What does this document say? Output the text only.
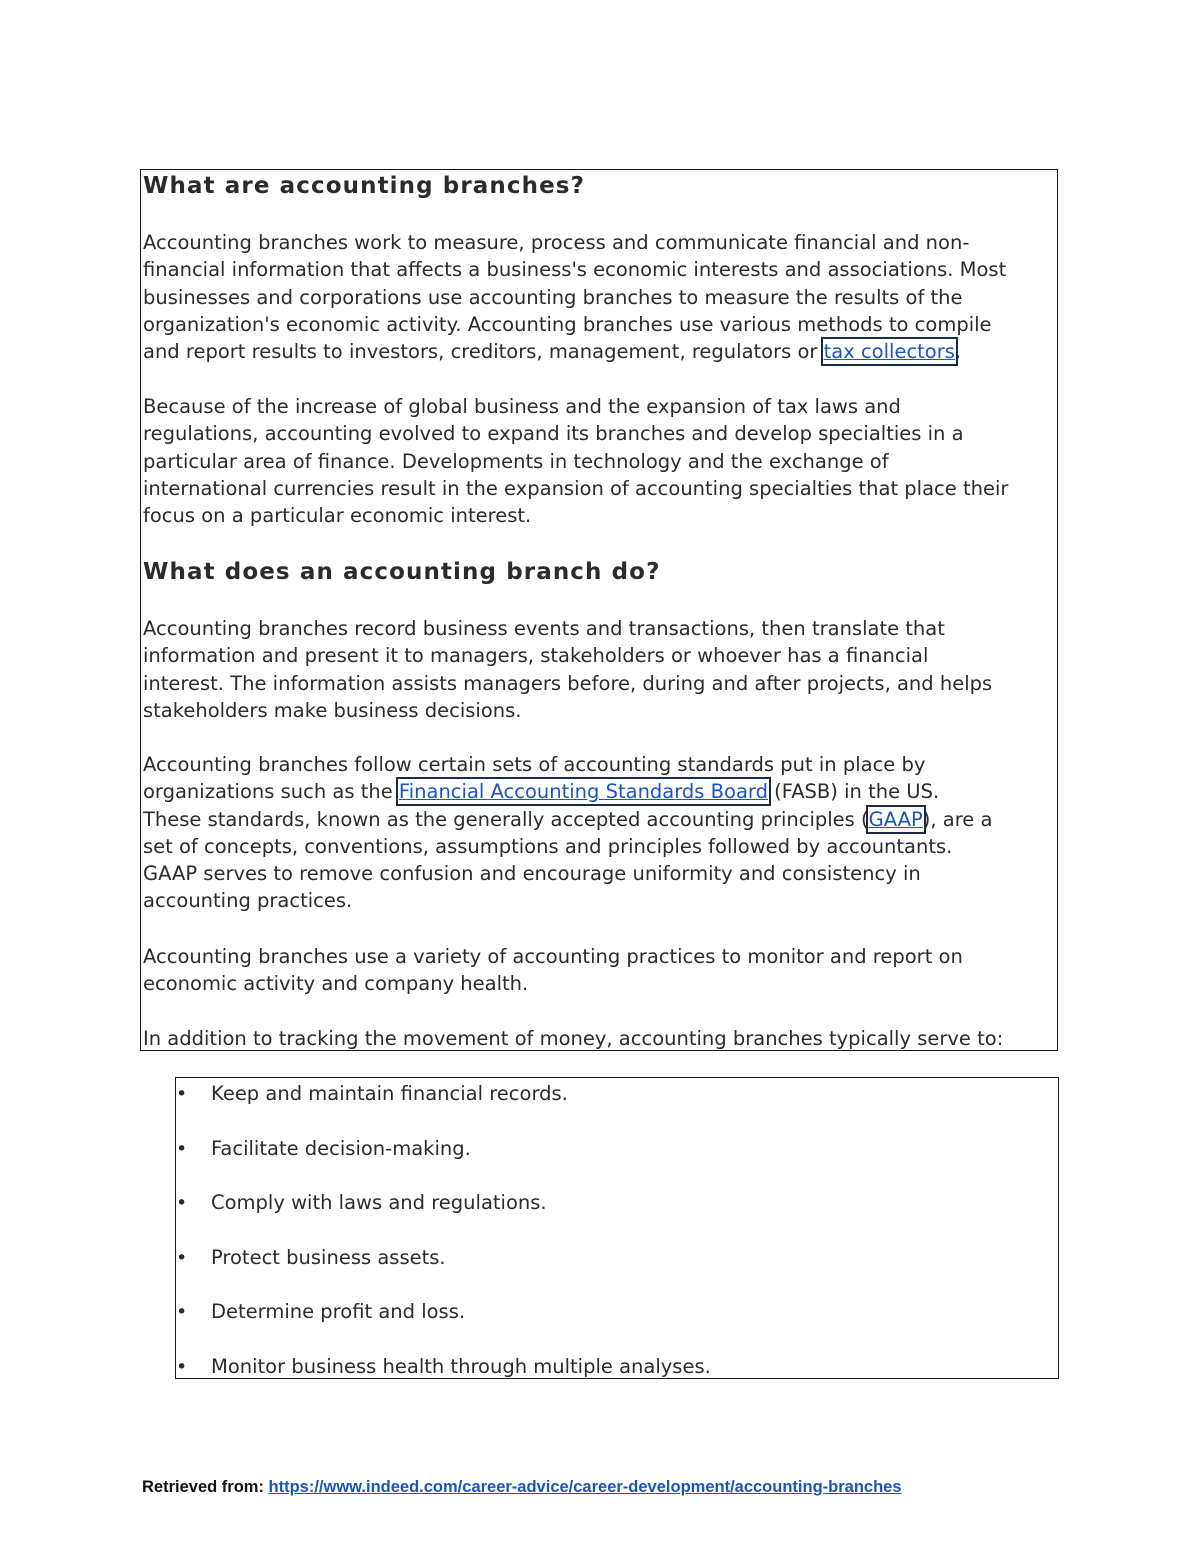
What are accounting branches?

Accounting branches work to measure, process and communicate financial and non-

financial information that affects a business's economic interests and associations. Most

businesses and corporations use accounting branches to measure the results of the

organization's economic activity. Accounting branches use various methods to compile

and report results to investors, creditors, management, regulators or tax collectors.

Because of the increase of global business and the expansion of tax laws and

regulations, accounting evolved to expand its branches and develop specialties in a

particular area of finance. Developments in technology and the exchange of

international currencies result in the expansion of accounting specialties that place their

focus on a particular economic interest.

What does an accounting branch do?

Accounting branches record business events and transactions, then translate that

information and present it to managers, stakeholders or whoever has a financial

interest. The information assists managers before, during and after projects, and helps

stakeholders make business decisions.

Accounting branches follow certain sets of accounting standards put in place by

organizations such as the Financial Accounting Standards Board (FASB) in the US.

These standards, known as the generally accepted accounting principles (GAAP), are a

set of concepts, conventions, assumptions and principles followed by accountants.

GAAP serves to remove confusion and encourage uniformity and consistency in

accounting practices.

Accounting branches use a variety of accounting practices to monitor and report on

economic activity and company health.

In addition to tracking the movement of money, accounting branches typically serve to:

• Keep and maintain financial records.
• Facilitate decision-making.
• Comply with laws and regulations.
• Protect business assets.
• Determine profit and loss.
• Monitor business health through multiple analyses.
Retrieved from: https://www.indeed.com/career-advice/career-development/accounting-branches
